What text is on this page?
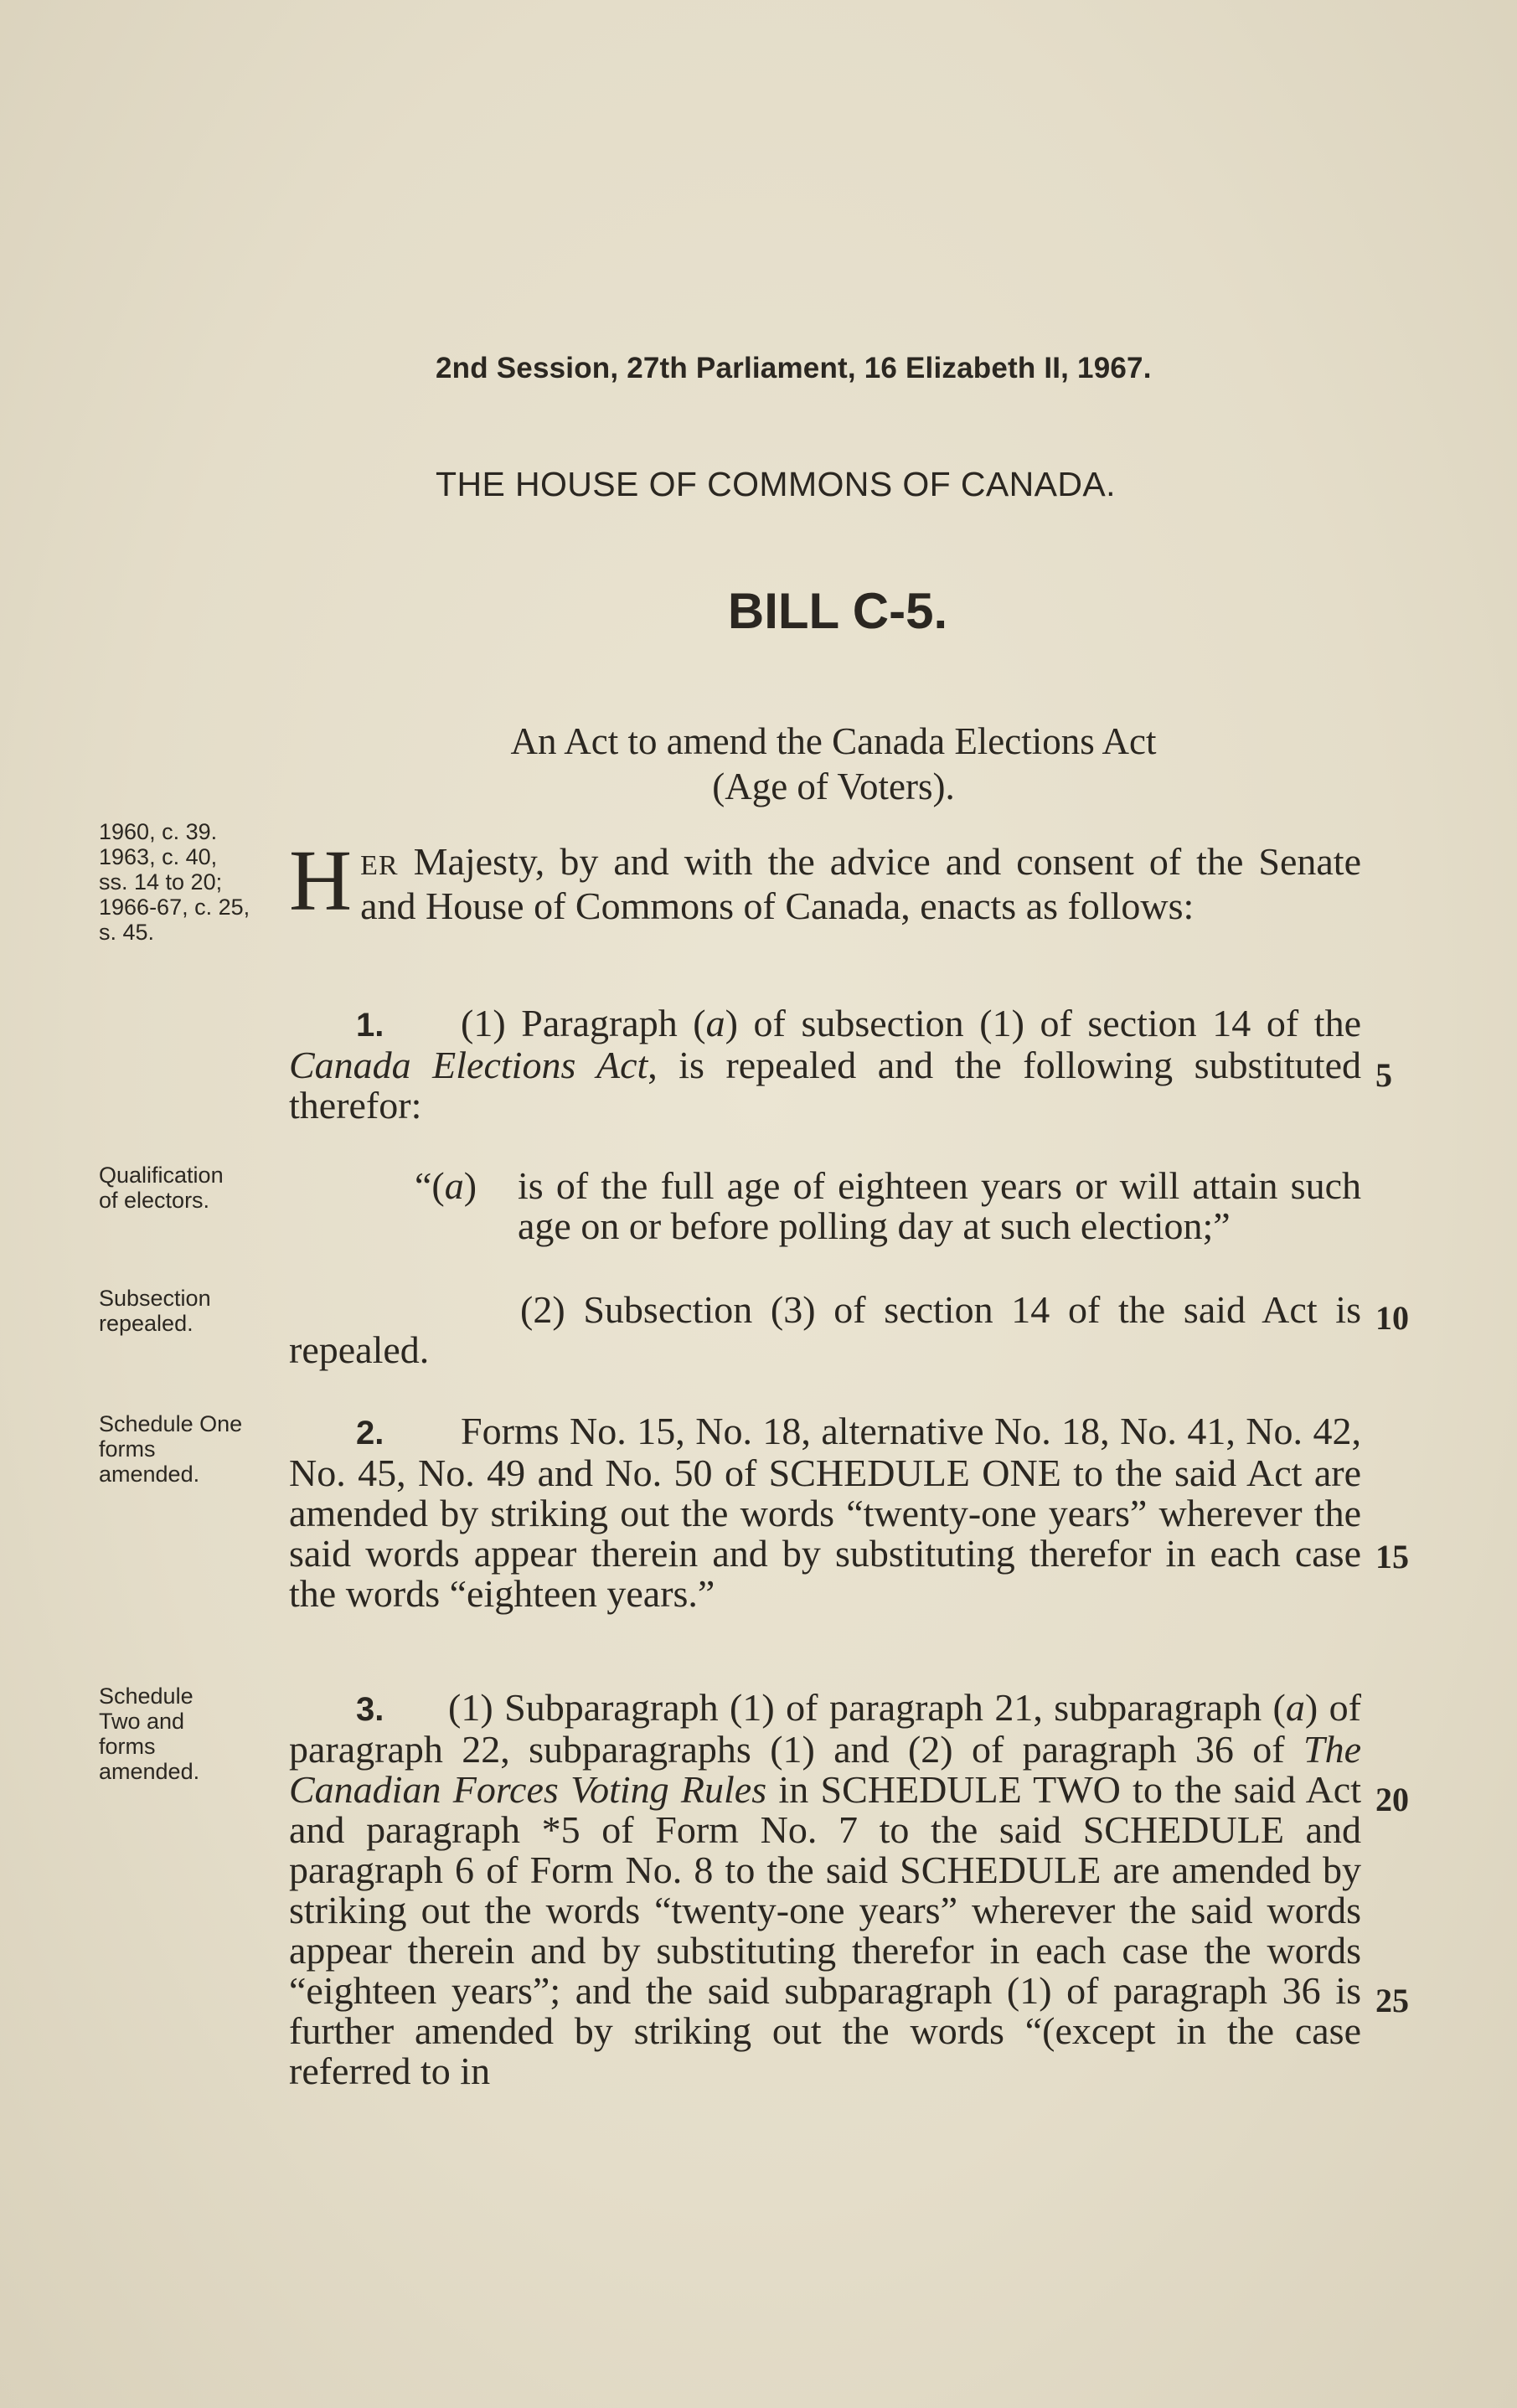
2nd Session, 27th Parliament, 16 Elizabeth II, 1967.
THE HOUSE OF COMMONS OF CANADA.
BILL C-5.
An Act to amend the Canada Elections Act
(Age of Voters).
1960, c. 39.
1963, c. 40,
ss. 14 to 20;
1966-67, c. 25,
s. 45.
Qualification
of electors.
Subsection
repealed.
Schedule One
forms
amended.
Schedule
Two and
forms
amended.
HER Majesty, by and with the advice and consent of the Senate and House of Commons of Canada, enacts as follows:
1. (1) Paragraph (a) of subsection (1) of section 14 of the Canada Elections Act, is repealed and the following substituted therefor:
“(a) is of the full age of eighteen years or will attain such age on or before polling day at such election;”
(2) Subsection (3) of section 14 of the said Act is repealed.
2. Forms No. 15, No. 18, alternative No. 18, No. 41, No. 42, No. 45, No. 49 and No. 50 of SCHEDULE ONE to the said Act are amended by striking out the words “twenty-one years” wherever the said words appear therein and by substituting therefor in each case the words “eighteen years.”
3. (1) Subparagraph (1) of paragraph 21, subparagraph (a) of paragraph 22, subparagraphs (1) and (2) of paragraph 36 of The Canadian Forces Voting Rules in SCHEDULE TWO to the said Act and paragraph *5 of Form No. 7 to the said SCHEDULE and paragraph 6 of Form No. 8 to the said SCHEDULE are amended by striking out the words “twenty-one years” wherever the said words appear therein and by substituting therefor in each case the words “eighteen years”; and the said subparagraph (1) of paragraph 36 is further amended by striking out the words “(except in the case referred to in
5
10
15
20
25
